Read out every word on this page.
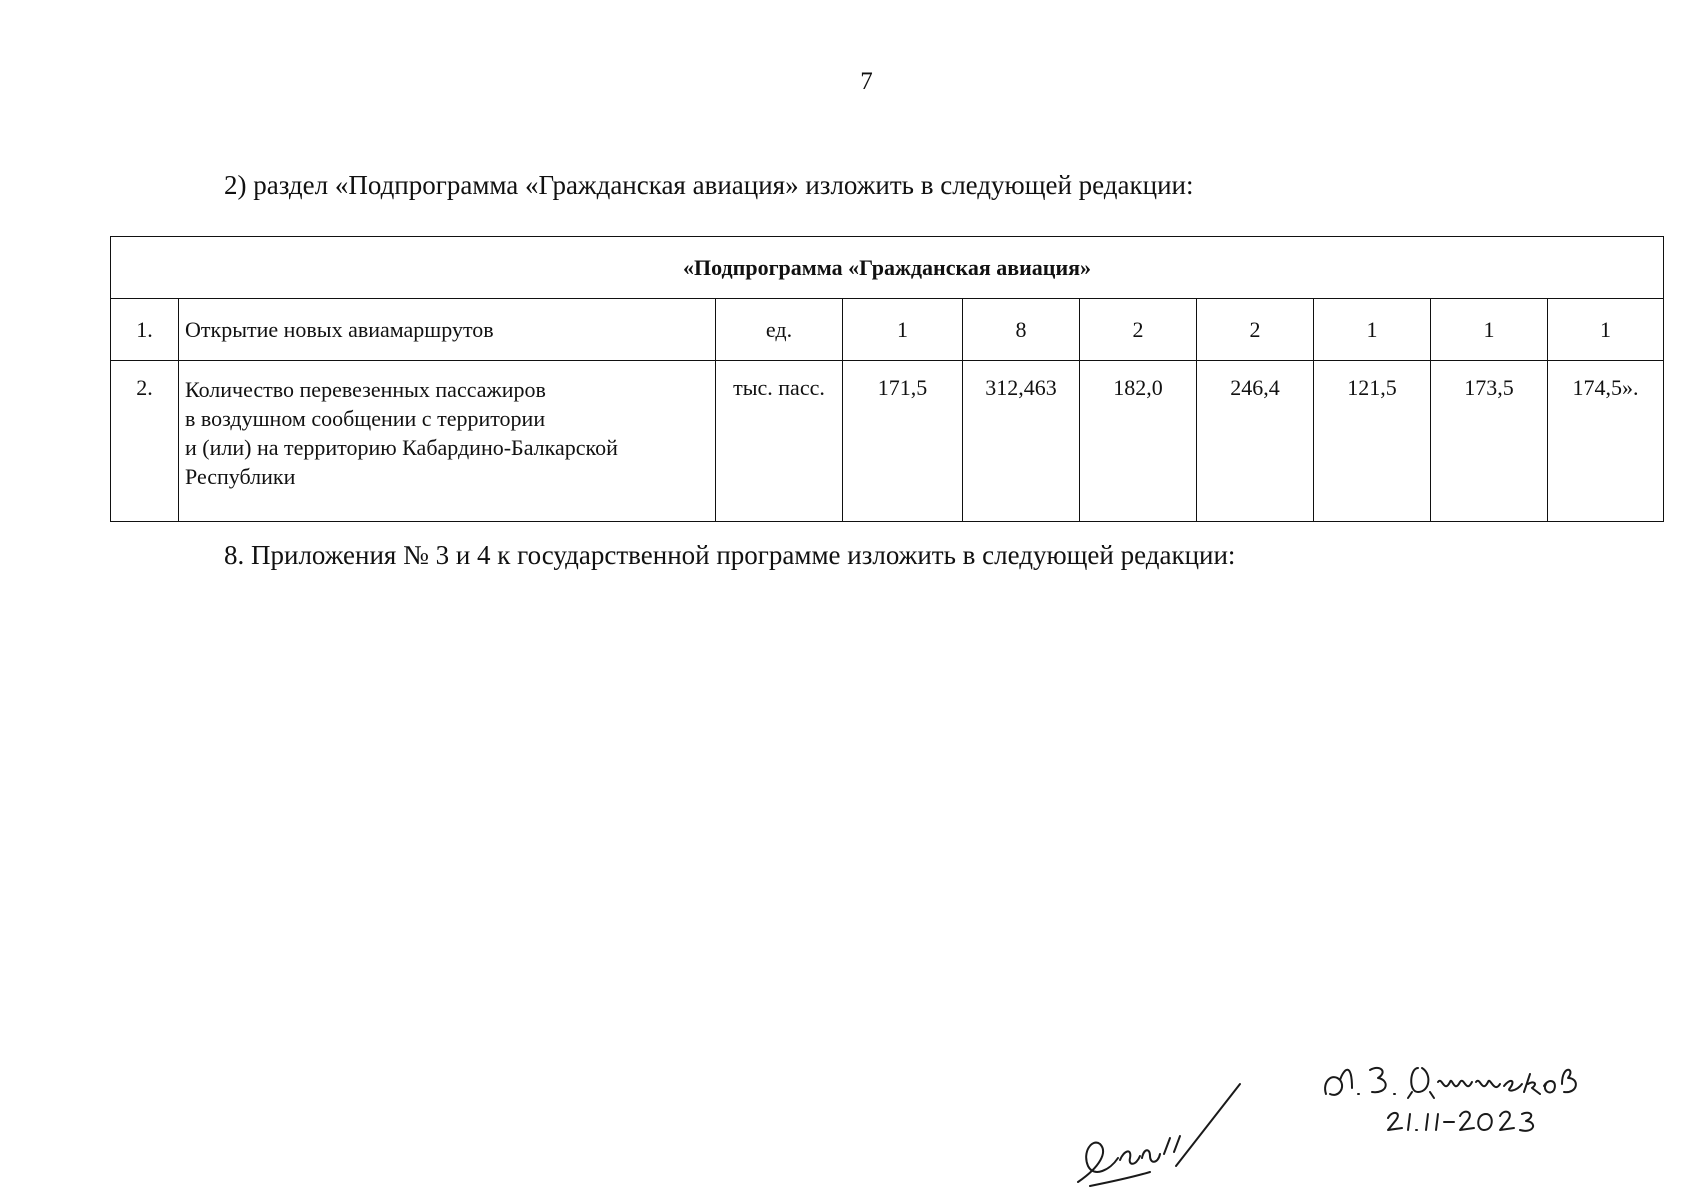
7
2) раздел «Подпрограмма «Гражданская авиация» изложить в следующей редакции:
«Подпрограмма «Гражданская авиация»									
1.	Открытие новых авиамаршрутов	ед.	1	8	2	2	1	1	1
2.	Количество перевезенных пассажиров
в воздушном сообщении с территории
и (или) на территорию Кабардино-Балкарской
Республики	тыс. пасс.	171,5	312,463	182,0	246,4	121,5	173,5	174,5».
8. Приложения № 3 и 4 к государственной программе изложить в следующей редакции:
